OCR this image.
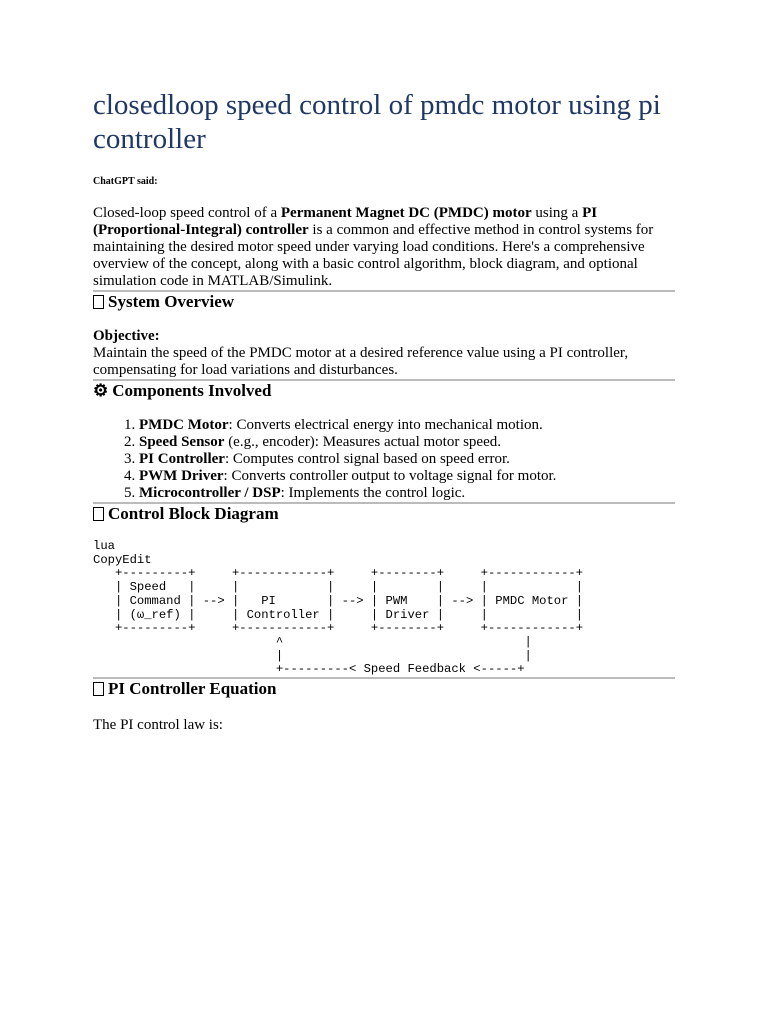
closedloop speed control of pmdc motor using pi controller
ChatGPT said:

Closed-loop speed control of a Permanent Magnet DC (PMDC) motor using a PI (Proportional-Integral) controller is a common and effective method in control systems for maintaining the desired motor speed under varying load conditions. Here's a comprehensive overview of the concept, along with a basic control algorithm, block diagram, and optional simulation code in MATLAB/Simulink.

System Overview

Objective:
Maintain the speed of the PMDC motor at a desired reference value using a PI controller, compensating for load variations and disturbances.

⚙ Components Involved
1. PMDC Motor: Converts electrical energy into mechanical motion.
2. Speed Sensor (e.g., encoder): Measures actual motor speed.
3. PI Controller: Computes control signal based on speed error.
4. PWM Driver: Converts controller output to voltage signal for motor.
5. Microcontroller / DSP: Implements the control logic.
Control Block Diagram
lua
CopyEdit
+---------+     +------------+     +--------+     +------------+
| Speed   |     |            |     |        |     |            |
| Command | --> |   PI       | --> | PWM    | --> | PMDC Motor |
| (ω_ref) |     | Controller |     | Driver |     |            |
+---------+     +------------+     +--------+     +------------+
^                                 |
|                                 |
+---------< Speed Feedback <-----+
PI Controller Equation

The PI control law is:
